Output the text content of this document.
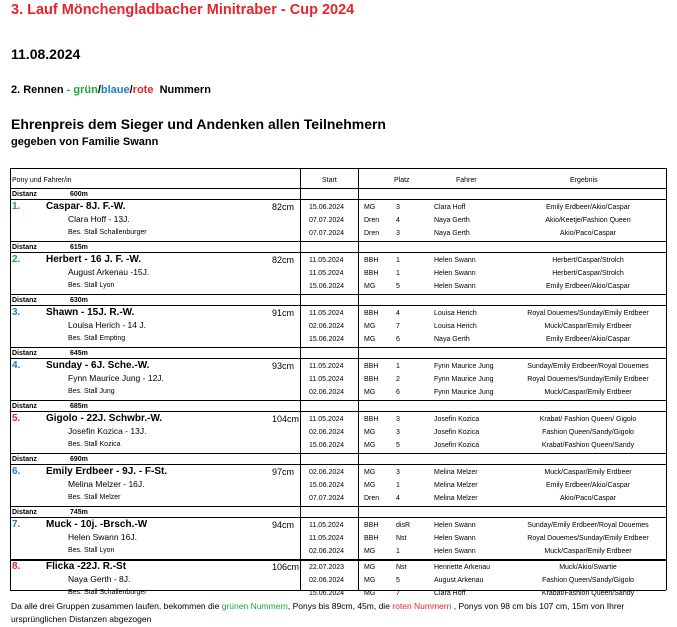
3. Lauf Mönchengladbacher Minitraber - Cup 2024
11.08.2024
2. Rennen - grün/blaue/rote Nummern
Ehrenpreis dem Sieger und Andenken allen Teilnehmern
gegeben von Familie Swann
Pony und Fahrer/in	Start	Platz	Fahrer	Ergebnis
Distanz	600m
1.	Caspar- 8J. F.-W.	82cm
Clara Hoff - 13J.
Bes. Stall Schallenburger
15.06.2024	MG	3	Clara Hoff	Emily Erdbeer/Akio/Caspar
07.07.2024	Dren 4	Naya Gerth	Akio/Keetje/Fashion Queen
07.07.2024	Dren 3	Naya Gerth	Akio/Paco/Caspar
Distanz	615m
2.	Herbert - 16 J. F. -W.	82cm
August Arkenau -15J.
Bes. Stall Lyon
11.05.2024	BBH	1	Helen Swann	Herbert/Caspar/Strolch
11.05.2024	BBH	1	Helen Swann	Herbert/Caspar/Strolch
15.06.2024	MG	5	Helen Swann	Emily Erdbeer/Akio/Caspar
Distanz	630m
3.	Shawn - 15J. R.-W.	91cm
Louisa Herich - 14 J.
Bes. Stall Empting
11.05.2024	BBH	4	Louisa Herich	Royal Douemes/Sunday/Emily Erdbeer
02.06.2024	MG	7	Louisa Herich	Muck/Caspar/Emily Erdbeer
15.06.2024	MG	6	Naya Gerth	Emily Erdbeer/Akio/Caspar
Distanz	645m
4.	Sunday - 6J. Sche.-W.	93cm
Fynn Maurice Jung - 12J.
Bes. Stall Jung
11.05.2024	BBH	1	Fynn Maurice Jung	Sunday/Emily Erdbeer/Royal Douemes
11.05.2024	BBH	2	Fynn Maurice Jung	Royal Douemes/Sunday/Emily Erdbeer
02.06.2024	MG	6	Fynn Maurice Jung	Muck/Caspar/Emily Erdbeer
Distanz	685m
5.	Gigolo - 22J. Schwbr.-W.	104cm
Josefin Kozica - 13J.
Bes. Stall Kozica
11.05.2024	BBH	3	Josefin Kozica	Krabat/ Fashion Queen/ Gigolo
02.06.2024	MG	3	Josefin Kozica	Fashion Queen/Sandy/Gigolo
15.06.2024	MG	5	Josefin Kozica	Krabat/Fashion Queen/Sandy
Distanz	690m
6.	Emily Erdbeer - 9J. - F-St.	97cm
Melina Melzer - 16J.
Bes. Stall Melzer
02.06.2024	MG	3	Melina Melzer	Muck/Caspar/Emily Erdbeer
15.06.2024	MG	1	Melina Melzer	Emily Erdbeer/Akio/Caspar
07.07.2024	Dren 4	Melina Melzer	Akio/Paco/Caspar
Distanz	745m
7.	Muck - 10j. -Brsch.-W	94cm
Helen Swann 16J.
Bes. Stall Lyon
11.05.2024	BBH	disR	Helen Swann	Sunday/Emily Erdbeer/Royal Douemes
11.05.2024	BBH	Nst	Helen Swann	Royal Douemes/Sunday/Emily Erdbeer
02.06.2024	MG	1	Helen Swann	Muck/Caspar/Emily Erdbeer
8.	Flicka -22J. R.-St	106cm
Naya Gerth - 8J.
Bes. Stall Schallenburger
22.07.2023	MG	Nst	Henriette Arkenau	Muck/Akio/Swartie
02.06.2024	MG	5	August Arkenau	Fashion Queen/Sandy/Gigolo
15.06.2024	MG	7	Clara Hoff	Krabat/Fashion Queen/Sandy
Da alle drei Gruppen zusammen laufen, bekommen die grünen Nummern, Ponys bis 89cm, 45m, die roten Nummern , Ponys von 98 cm bis 107 cm, 15m von Ihrer ursprünglichen Distanzen abgezogen
